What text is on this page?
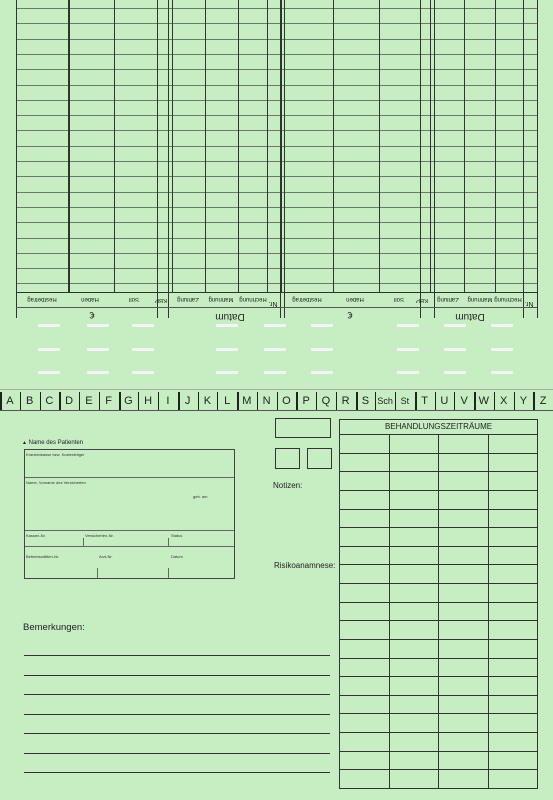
Restbetrag	Haben	Soll	KBP	Zahlung	Mahnung Rechnung
Nr.
Datum
€
Restbetrag	Haben	Soll	KBP	Zahlung	Mahnung Rechnung
Nr.
Datum
€
A	B	C	D	E	F	G	H	I	J	K	L	M	N	O	P	Q	R	S Sch St	T	U	V W X	Y	Z
▲ Name des Patienten
Krankenkasse bzw. Kostenträger
Name, Vorname des Versicherten
geb. am
Kassen-Nr.	Versicherten-Nr.	Status
Betriebsstätten-Nr.	Arzt-Nr.	Datum
Bemerkungen:
Notizen:
Risikoanamnese:
BEHANDLUNGSZEITRÄUME
